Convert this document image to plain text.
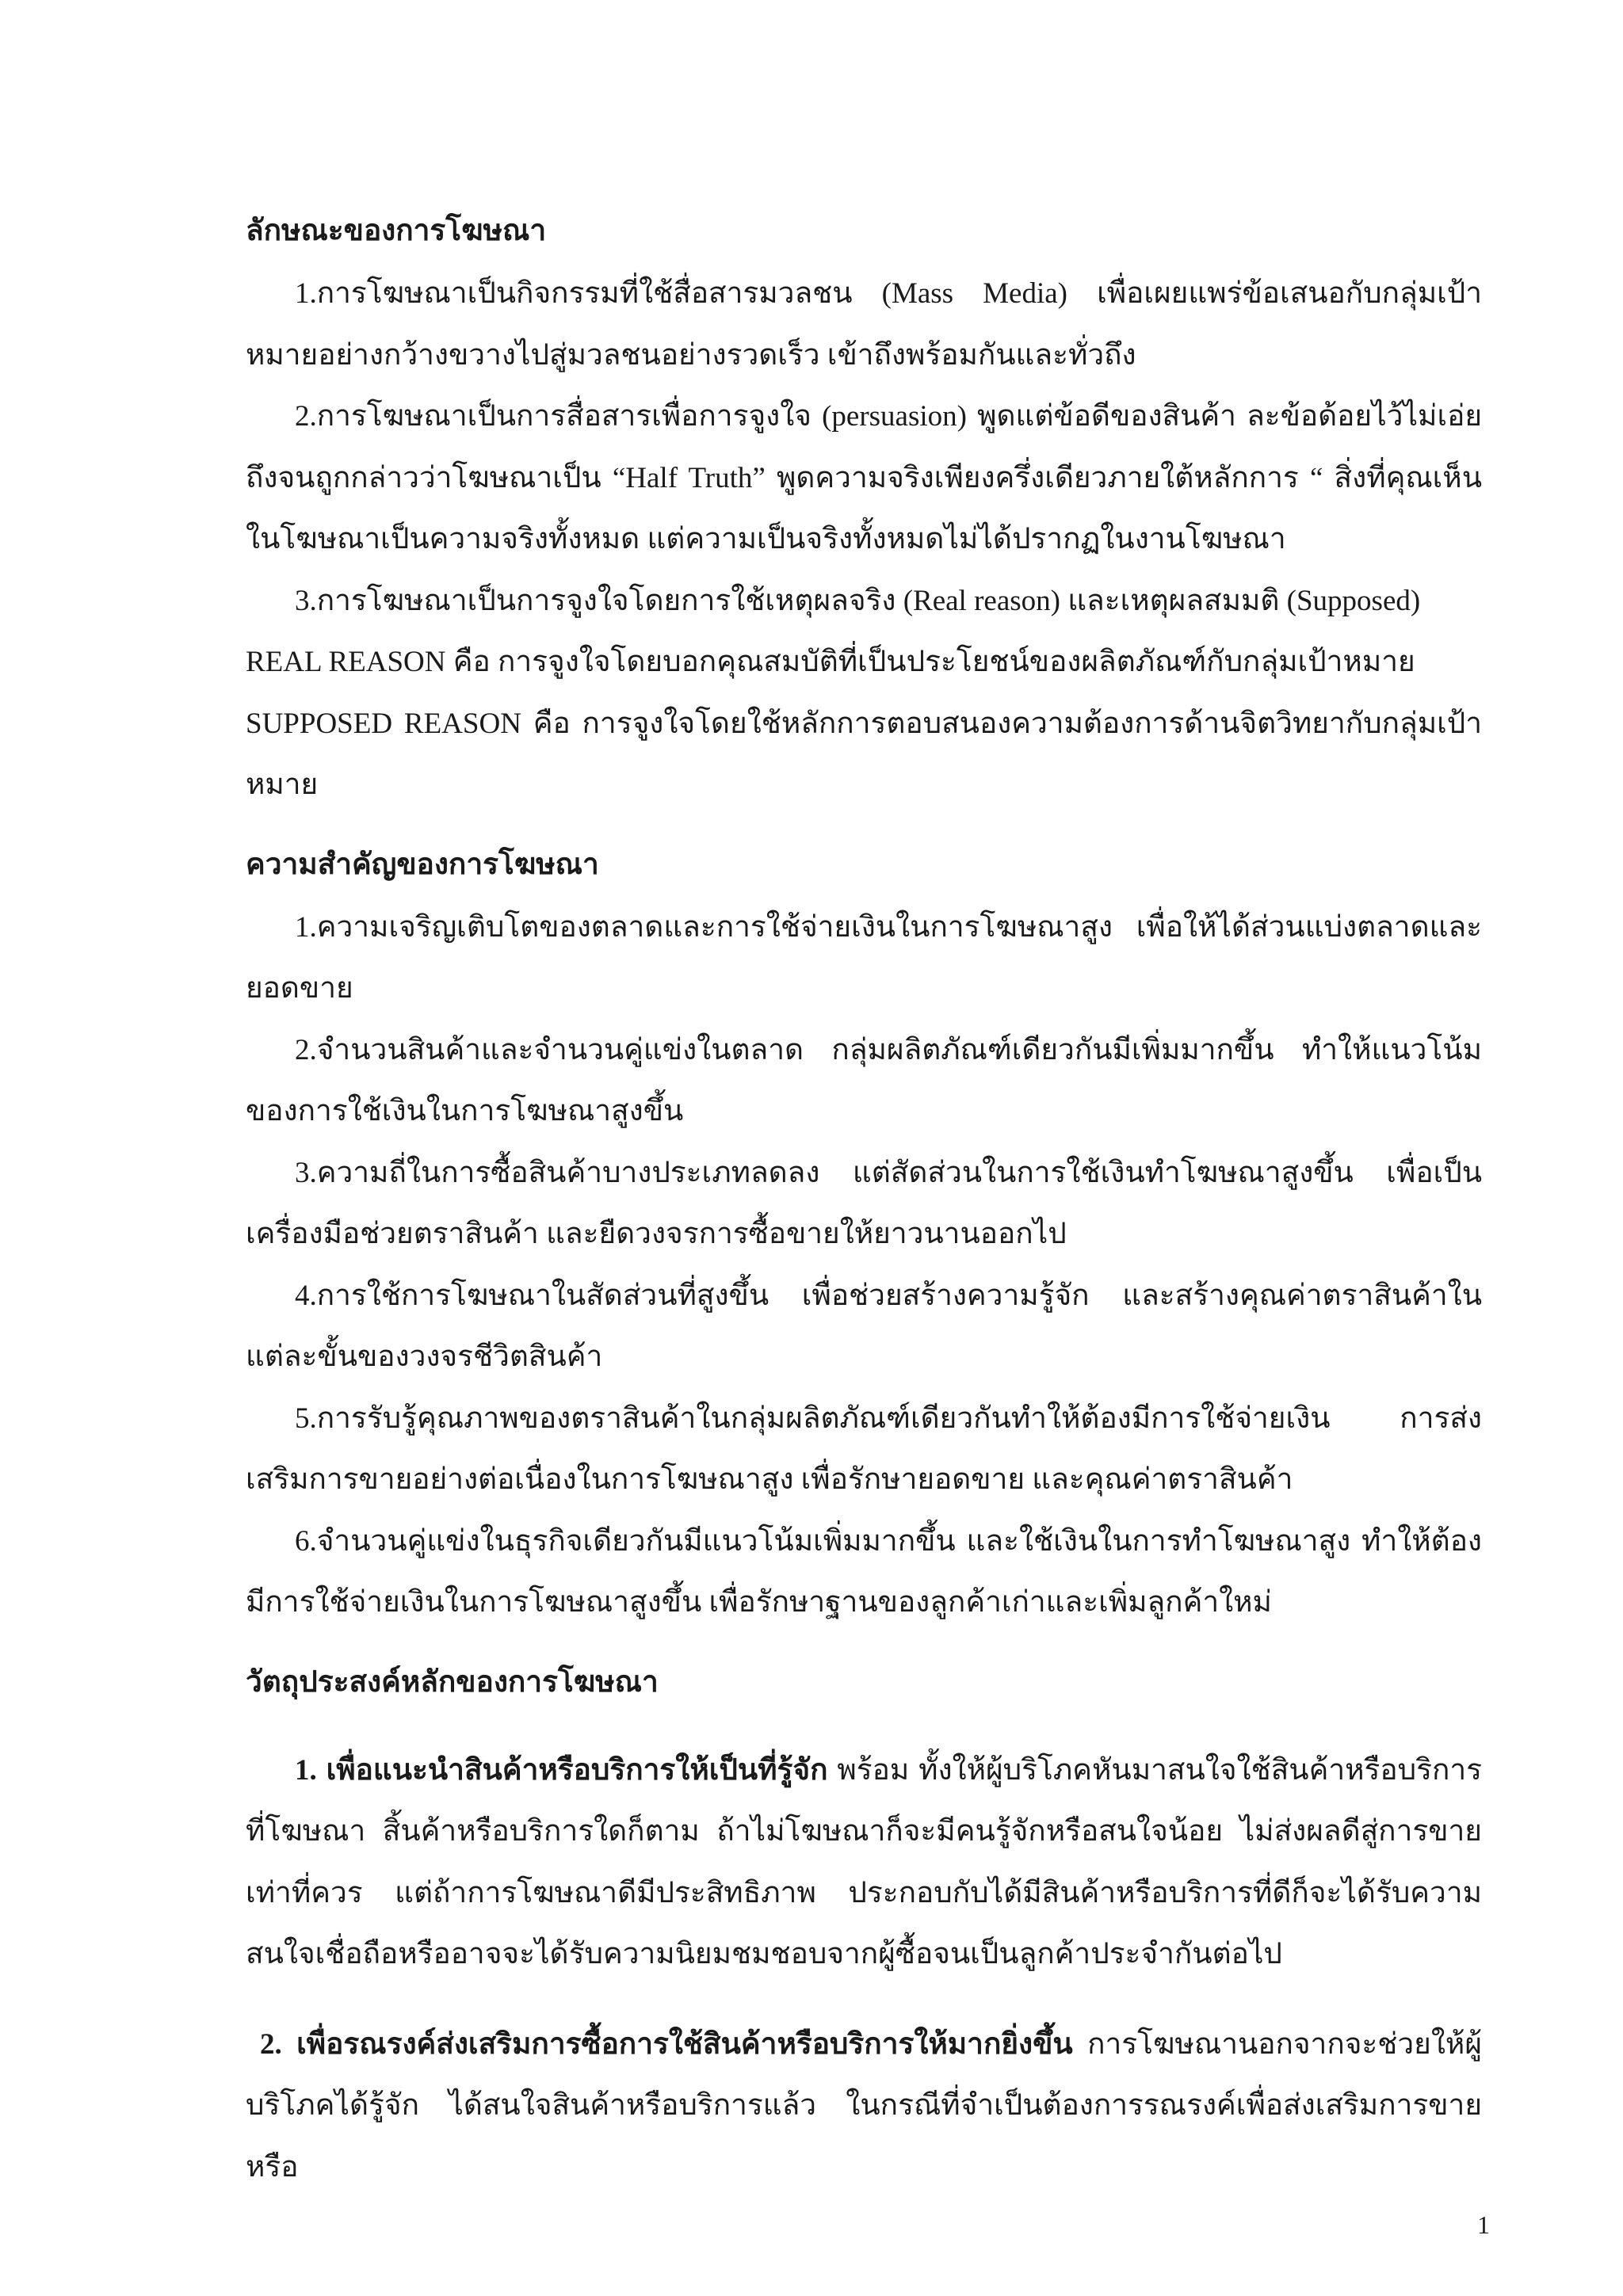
ลักษณะของการโฆษณา

1.การโฆษณาเป็นกิจกรรมที่ใช้สื่อสารมวลชน (Mass Media) เพื่อเผยแพร่ข้อเสนอกับกลุ่มเป้าหมายอย่างกว้างขวางไปสู่มวลชนอย่างรวดเร็ว เข้าถึงพร้อมกันและทั่วถึง

2.การโฆษณาเป็นการสื่อสารเพื่อการจูงใจ (persuasion) พูดแต่ข้อดีของสินค้า ละข้อด้อยไว้ไม่เอ่ยถึงจนถูกกล่าวว่าโฆษณาเป็น “Half Truth” พูดความจริงเพียงครึ่งเดียวภายใต้หลักการ “ สิ่งที่คุณเห็นในโฆษณาเป็นความจริงทั้งหมด แต่ความเป็นจริงทั้งหมดไม่ได้ปรากฏในงานโฆษณา

3.การโฆษณาเป็นการจูงใจโดยการใช้เหตุผลจริง (Real reason) และเหตุผลสมมติ (Supposed)

REAL REASON คือ การจูงใจโดยบอกคุณสมบัติที่เป็นประโยชน์ของผลิตภัณฑ์กับกลุ่มเป้าหมาย

SUPPOSED REASON คือ การจูงใจโดยใช้หลักการตอบสนองความต้องการด้านจิตวิทยากับกลุ่มเป้าหมาย

ความสำคัญของการโฆษณา

1.ความเจริญเติบโตของตลาดและการใช้จ่ายเงินในการโฆษณาสูง เพื่อให้ได้ส่วนแบ่งตลาดและยอดขาย

2.จำนวนสินค้าและจำนวนคู่แข่งในตลาด กลุ่มผลิตภัณฑ์เดียวกันมีเพิ่มมากขึ้น ทำให้แนวโน้มของการใช้เงินในการโฆษณาสูงขึ้น

3.ความถี่ในการซื้อสินค้าบางประเภทลดลง แต่สัดส่วนในการใช้เงินทำโฆษณาสูงขึ้น เพื่อเป็นเครื่องมือช่วยตราสินค้า และยืดวงจรการซื้อขายให้ยาวนานออกไป

4.การใช้การโฆษณาในสัดส่วนที่สูงขึ้น เพื่อช่วยสร้างความรู้จัก และสร้างคุณค่าตราสินค้าในแต่ละขั้นของวงจรชีวิตสินค้า

5.การรับรู้คุณภาพของตราสินค้าในกลุ่มผลิตภัณฑ์เดียวกันทำให้ต้องมีการใช้จ่ายเงิน การส่งเสริมการขายอย่างต่อเนื่องในการโฆษณาสูง เพื่อรักษายอดขาย และคุณค่าตราสินค้า

6.จำนวนคู่แข่งในธุรกิจเดียวกันมีแนวโน้มเพิ่มมากขึ้น และใช้เงินในการทำโฆษณาสูง ทำให้ต้องมีการใช้จ่ายเงินในการโฆษณาสูงขึ้น เพื่อรักษาฐานของลูกค้าเก่าและเพิ่มลูกค้าใหม่

วัตถุประสงค์หลักของการโฆษณา

1. เพื่อแนะนำสินค้าหรือบริการให้เป็นที่รู้จัก พร้อม ทั้งให้ผู้บริโภคหันมาสนใจใช้สินค้าหรือบริการที่โฆษณา สิ้นค้าหรือบริการใดก็ตาม ถ้าไม่โฆษณาก็จะมีคนรู้จักหรือสนใจน้อย ไม่ส่งผลดีสู่การขายเท่าที่ควร แต่ถ้าการโฆษณาดีมีประสิทธิภาพ ประกอบกับได้มีสินค้าหรือบริการที่ดีก็จะได้รับความสนใจเชื่อถือหรืออาจจะได้รับความนิยมชมชอบจากผู้ซื้อจนเป็นลูกค้าประจำกันต่อไป

2. เพื่อรณรงค์ส่งเสริมการซื้อการใช้สินค้าหรือบริการให้มากยิ่งขึ้น การโฆษณานอกจากจะช่วยให้ผู้บริโภคได้รู้จัก ได้สนใจสินค้าหรือบริการแล้ว ในกรณีที่จำเป็นต้องการรณรงค์เพื่อส่งเสริมการขาย หรือ

1
